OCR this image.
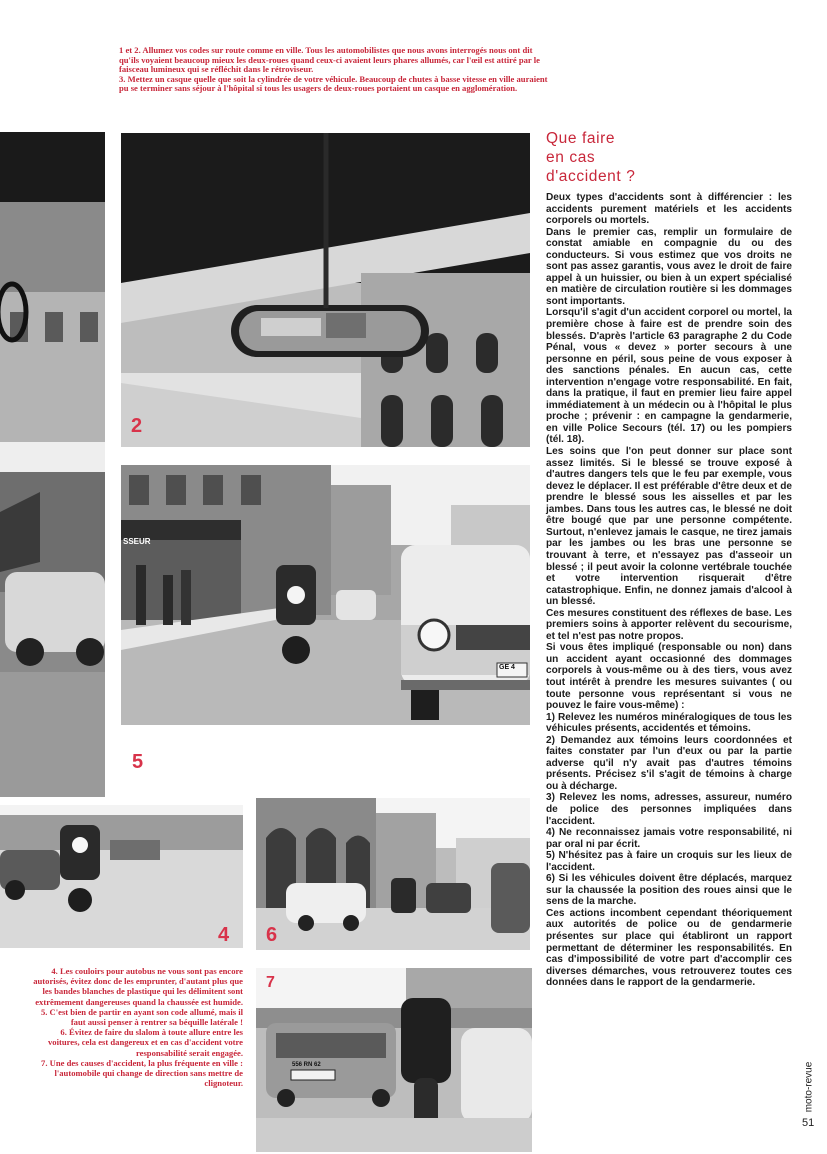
1 et 2. Allumez vos codes sur route comme en ville. Tous les automobilistes que nous avons interrogés nous ont dit qu'ils voyaient beaucoup mieux les deux-roues quand ceux-ci avaient leurs phares allumés, car l'œil est attiré par le faisceau lumineux qui se réfléchit dans le rétroviseur.

3. Mettez un casque quelle que soit la cylindrée de votre véhicule. Beaucoup de chutes à basse vitesse en ville auraient pu se terminer sans séjour à l'hôpital si tous les usagers de deux-roues portaient un casque en agglomération.

2
SSEUR
GE 4
5
4 6
556 RN 62
7

4. Les couloirs pour autobus ne vous sont pas encore autorisés, évitez donc de les emprunter, d'autant plus que les bandes blanches de plastique qui les délimitent sont extrêmement dangereuses quand la chaussée est humide.

5. C'est bien de partir en ayant son code allumé, mais il faut aussi penser à rentrer sa béquille latérale !

6. Évitez de faire du slalom à toute allure entre les voitures, cela est dangereux et en cas d'accident votre responsabilité serait engagée.

7. Une des causes d'accident, la plus fréquente en ville : l'automobile qui change de direction sans mettre de clignoteur.

Que faire
en cas
d'accident ?

Deux types d'accidents sont à différencier : les accidents purement matériels et les accidents corporels ou mortels.

Dans le premier cas, remplir un formulaire de constat amiable en compagnie du ou des conducteurs. Si vous estimez que vos droits ne sont pas assez garantis, vous avez le droit de faire appel à un huissier, ou bien à un expert spécialisé en matière de circulation routière si les dommages sont importants.

Lorsqu'il s'agit d'un accident corporel ou mortel, la première chose à faire est de prendre soin des blessés. D'après l'article 63 paragraphe 2 du Code Pénal, vous « devez » porter secours à une personne en péril, sous peine de vous exposer à des sanctions pénales. En aucun cas, cette intervention n'engage votre responsabilité. En fait, dans la pratique, il faut en premier lieu faire appel immédiatement à un médecin ou à l'hôpital le plus proche ; prévenir : en campagne la gendarmerie, en ville Police Secours (tél. 17) ou les pompiers (tél. 18).

Les soins que l'on peut donner sur place sont assez limités. Si le blessé se trouve exposé à d'autres dangers tels que le feu par exemple, vous devez le déplacer. Il est préférable d'être deux et de prendre le blessé sous les aisselles et par les jambes. Dans tous les autres cas, le blessé ne doit être bougé que par une personne compétente. Surtout, n'enlevez jamais le casque, ne tirez jamais par les jambes ou les bras une personne se trouvant à terre, et n'essayez pas d'asseoir un blessé ; il peut avoir la colonne vertébrale touchée et votre intervention risquerait d'être catastrophique. Enfin, ne donnez jamais d'alcool à un blessé.

Ces mesures constituent des réflexes de base. Les premiers soins à apporter relèvent du secourisme, et tel n'est pas notre propos.

Si vous êtes impliqué (responsable ou non) dans un accident ayant occasionné des dommages corporels à vous-même ou à des tiers, vous avez tout intérêt à prendre les mesures suivantes ( ou toute personne vous représentant si vous ne pouvez le faire vous-même) :

1) Relevez les numéros minéralogiques de tous les véhicules présents, accidentés et témoins.

2) Demandez aux témoins leurs coordonnées et faites constater par l'un d'eux ou par la partie adverse qu'il n'y avait pas d'autres témoins présents. Précisez s'il s'agit de témoins à charge ou à décharge.

3) Relevez les noms, adresses, assureur, numéro de police des personnes impliquées dans l'accident.

4) Ne reconnaissez jamais votre responsabilité, ni par oral ni par écrit.

5) N'hésitez pas à faire un croquis sur les lieux de l'accident.

6) Si les véhicules doivent être déplacés, marquez sur la chaussée la position des roues ainsi que le sens de la marche.

Ces actions incombent cependant théoriquement aux autorités de police ou de gendarmerie présentes sur place qui établiront un rapport permettant de déterminer les responsabilités. En cas d'impossibilité de votre part d'accomplir ces diverses démarches, vous retrouverez toutes ces données dans le rapport de la gendarmerie.

moto-revue
51
